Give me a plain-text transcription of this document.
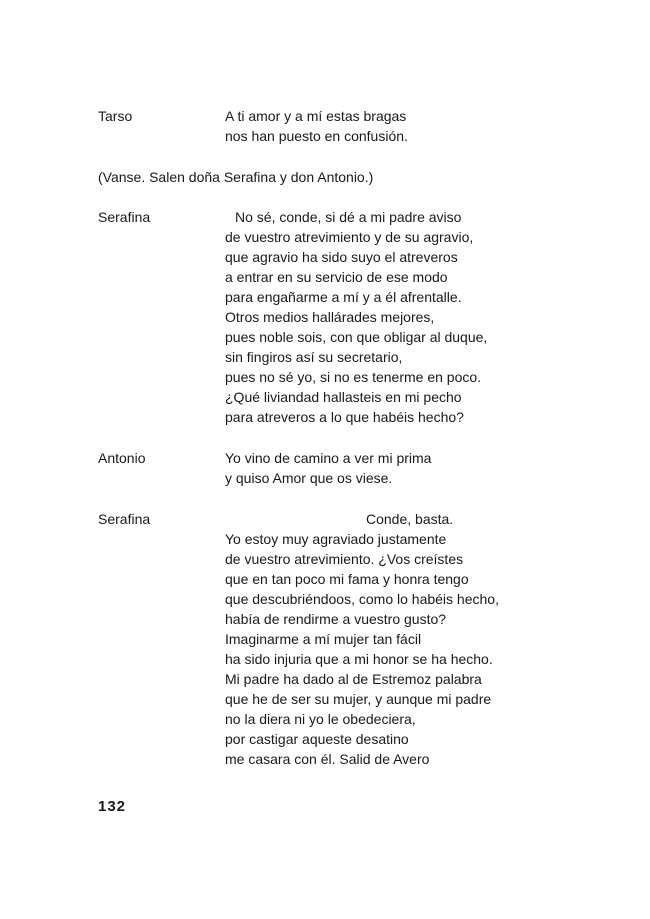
Tarso	A ti amor y a mí estas bragas
nos han puesto en confusión.
(Vanse. Salen doña Serafina y don Antonio.)
Serafina	No sé, conde, si dé a mi padre aviso
de vuestro atrevimiento y de su agravio,
que agravio ha sido suyo el atreveros
a entrar en su servicio de ese modo
para engañarme a mí y a él afrentalle.
Otros medios hallárades mejores,
pues noble sois, con que obligar al duque,
sin fingiros así su secretario,
pues no sé yo, si no es tenerme en poco.
¿Qué liviandad hallasteis en mi pecho
para atreveros a lo que habéis hecho?
Antonio	Yo vino de camino a ver mi prima
y quiso Amor que os viese.
Serafina	Conde, basta.
Yo estoy muy agraviado justamente
de vuestro atrevimiento. ¿Vos creístes
que en tan poco mi fama y honra tengo
que descubriéndoos, como lo habéis hecho,
había de rendirme a vuestro gusto?
Imaginarme a mí mujer tan fácil
ha sido injuria que a mi honor se ha hecho.
Mi padre ha dado al de Estremoz palabra
que he de ser su mujer, y aunque mi padre
no la diera ni yo le obedeciera,
por castigar aqueste desatino
me casara con él. Salid de Avero
132
